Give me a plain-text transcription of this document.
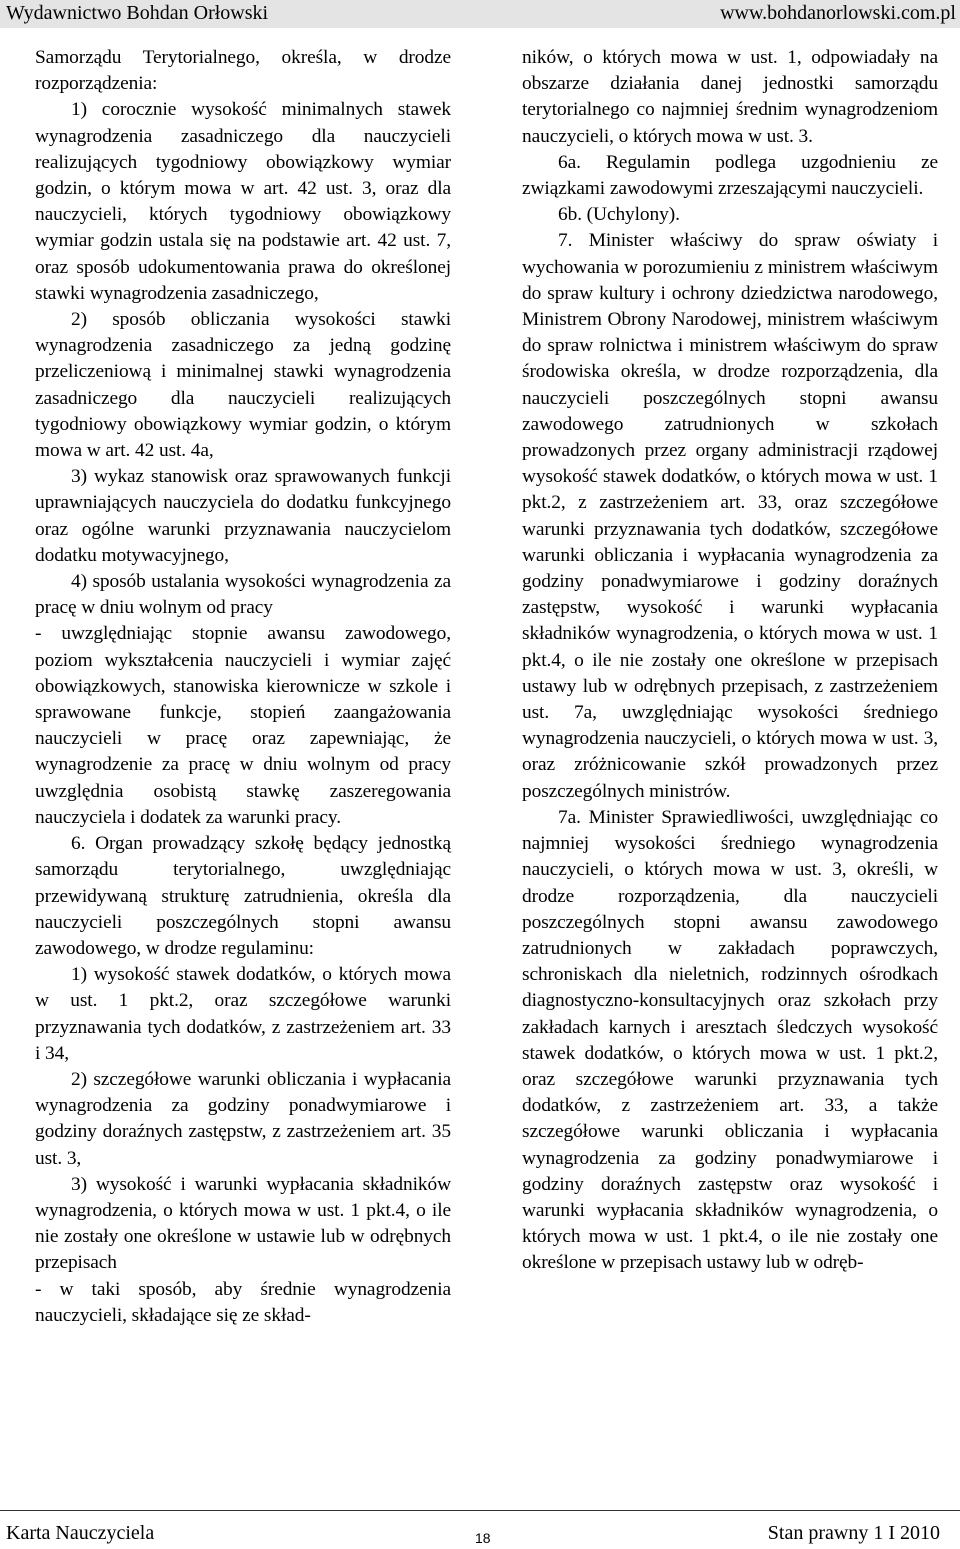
Wydawnictwo Bohdan Orłowski	www.bohdanorlowski.com.pl

Samorządu Terytorialnego, określa, w drodze rozporządzenia:

1) corocznie wysokość minimalnych stawek wynagrodzenia zasadniczego dla nauczycieli realizujących tygodniowy obowiązkowy wymiar godzin, o którym mowa w art. 42 ust. 3, oraz dla nauczycieli, których tygodniowy obowiązkowy wymiar godzin ustala się na podstawie art. 42 ust. 7, oraz sposób udokumentowania prawa do określonej stawki wynagrodzenia zasadniczego,

2) sposób obliczania wysokości stawki wynagrodzenia zasadniczego za jedną godzinę przeliczeniową i minimalnej stawki wynagrodzenia zasadniczego dla nauczycieli realizujących tygodniowy obowiązkowy wymiar godzin, o którym mowa w art. 42 ust. 4a,

3) wykaz stanowisk oraz sprawowanych funkcji uprawniających nauczyciela do dodatku funkcyjnego oraz ogólne warunki przyznawania nauczycielom dodatku motywacyjnego,

4) sposób ustalania wysokości wynagrodzenia za pracę w dniu wolnym od pracy

- uwzględniając stopnie awansu zawodowego, poziom wykształcenia nauczycieli i wymiar zajęć obowiązkowych, stanowiska kierownicze w szkole i sprawowane funkcje, stopień zaangażowania nauczycieli w pracę oraz zapewniając, że wynagrodzenie za pracę w dniu wolnym od pracy uwzględnia osobistą stawkę zaszeregowania nauczyciela i dodatek za warunki pracy.

6. Organ prowadzący szkołę będący jednostką samorządu terytorialnego, uwzględniając przewidywaną strukturę zatrudnienia, określa dla nauczycieli poszczególnych stopni awansu zawodowego, w drodze regulaminu:

1) wysokość stawek dodatków, o których mowa w ust. 1 pkt.2, oraz szczegółowe warunki przyznawania tych dodatków, z zastrzeżeniem art. 33 i 34,

2) szczegółowe warunki obliczania i wypłacania wynagrodzenia za godziny ponadwymiarowe i godziny doraźnych zastępstw, z zastrzeżeniem art. 35 ust. 3,

3) wysokość i warunki wypłacania składników wynagrodzenia, o których mowa w ust. 1 pkt.4, o ile nie zostały one określone w ustawie lub w odrębnych przepisach

- w taki sposób, aby średnie wynagrodzenia nauczycieli, składające się ze skład-

ników, o których mowa w ust. 1, odpowiadały na obszarze działania danej jednostki samorządu terytorialnego co najmniej średnim wynagrodzeniom nauczycieli, o których mowa w ust. 3.

6a. Regulamin podlega uzgodnieniu ze związkami zawodowymi zrzeszającymi nauczycieli.

6b. (Uchylony).

7. Minister właściwy do spraw oświaty i wychowania w porozumieniu z ministrem właściwym do spraw kultury i ochrony dziedzictwa narodowego, Ministrem Obrony Narodowej, ministrem właściwym do spraw rolnictwa i ministrem właściwym do spraw środowiska określa, w drodze rozporządzenia, dla nauczycieli poszczególnych stopni awansu zawodowego zatrudnionych w szkołach prowadzonych przez organy administracji rządowej wysokość stawek dodatków, o których mowa w ust. 1 pkt.2, z zastrzeżeniem art. 33, oraz szczegółowe warunki przyznawania tych dodatków, szczegółowe warunki obliczania i wypłacania wynagrodzenia za godziny ponadwymiarowe i godziny doraźnych zastępstw, wysokość i warunki wypłacania składników wynagrodzenia, o których mowa w ust. 1 pkt.4, o ile nie zostały one określone w przepisach ustawy lub w odrębnych przepisach, z zastrzeżeniem ust. 7a, uwzględniając wysokości średniego wynagrodzenia nauczycieli, o których mowa w ust. 3, oraz zróżnicowanie szkół prowadzonych przez poszczególnych ministrów.

7a. Minister Sprawiedliwości, uwzględniając co najmniej wysokości średniego wynagrodzenia nauczycieli, o których mowa w ust. 3, określi, w drodze rozporządzenia, dla nauczycieli poszczególnych stopni awansu zawodowego zatrudnionych w zakładach poprawczych, schroniskach dla nieletnich, rodzinnych ośrodkach diagnostyczno-konsultacyjnych oraz szkołach przy zakładach karnych i aresztach śledczych wysokość stawek dodatków, o których mowa w ust. 1 pkt.2, oraz szczegółowe warunki przyznawania tych dodatków, z zastrzeżeniem art. 33, a także szczegółowe warunki obliczania i wypłacania wynagrodzenia za godziny ponadwymiarowe i godziny doraźnych zastępstw oraz wysokość i warunki wypłacania składników wynagrodzenia, o których mowa w ust. 1 pkt.4, o ile nie zostały one określone w przepisach ustawy lub w odręb-

Karta Nauczyciela	18	Stan prawny 1 I 2010
